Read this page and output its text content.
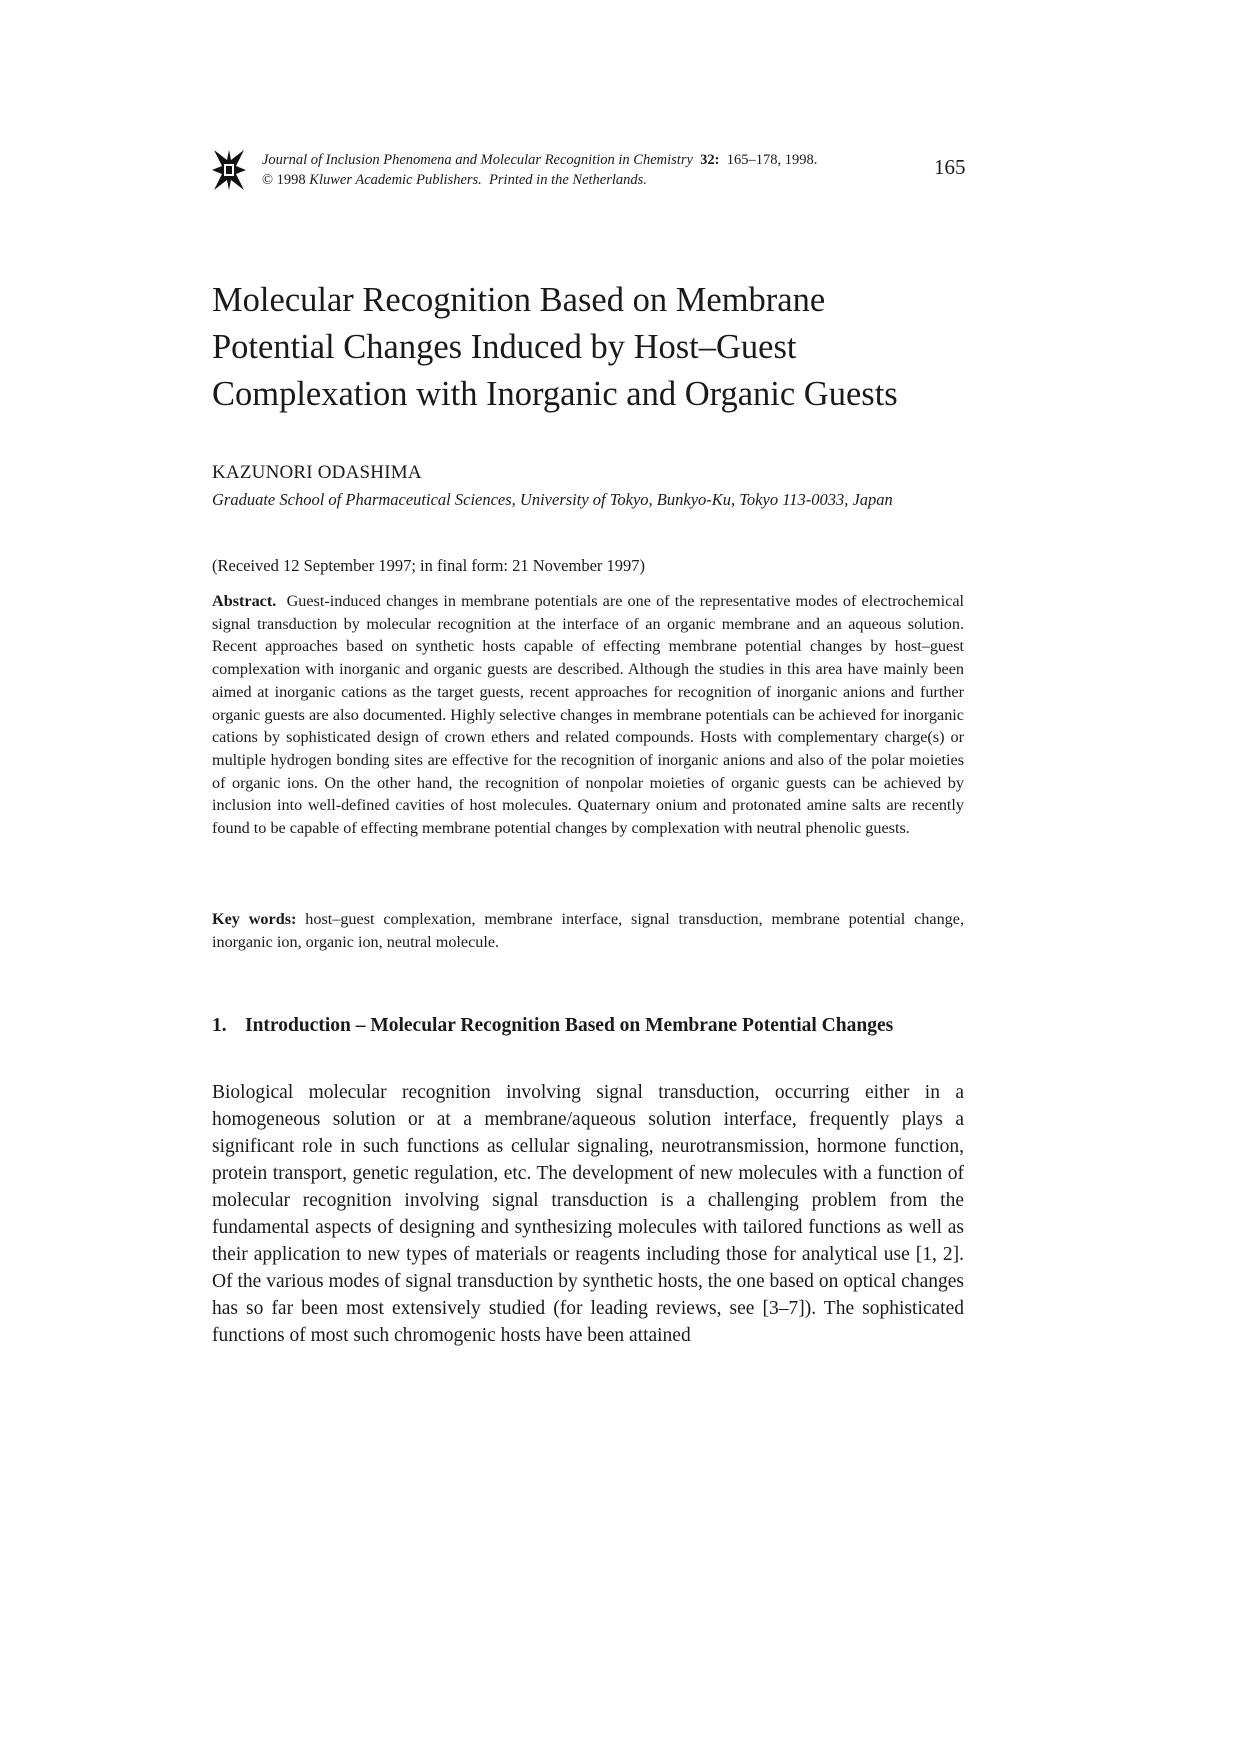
Journal of Inclusion Phenomena and Molecular Recognition in Chemistry 32: 165–178, 1998.
© 1998 Kluwer Academic Publishers. Printed in the Netherlands.
165
Molecular Recognition Based on Membrane
Potential Changes Induced by Host–Guest
Complexation with Inorganic and Organic Guests
KAZUNORI ODASHIMA
Graduate School of Pharmaceutical Sciences, University of Tokyo, Bunkyo-Ku, Tokyo 113-0033, Japan
(Received 12 September 1997; in final form: 21 November 1997)

Abstract. Guest-induced changes in membrane potentials are one of the representative modes of electrochemical signal transduction by molecular recognition at the interface of an organic membrane and an aqueous solution. Recent approaches based on synthetic hosts capable of effecting membrane potential changes by host–guest complexation with inorganic and organic guests are described. Although the studies in this area have mainly been aimed at inorganic cations as the target guests, recent approaches for recognition of inorganic anions and further organic guests are also documented. Highly selective changes in membrane potentials can be achieved for inorganic cations by sophisticated design of crown ethers and related compounds. Hosts with complementary charge(s) or multiple hydrogen bonding sites are effective for the recognition of inorganic anions and also of the polar moieties of organic ions. On the other hand, the recognition of nonpolar moieties of organic guests can be achieved by inclusion into well-defined cavities of host molecules. Quaternary onium and protonated amine salts are recently found to be capable of effecting membrane potential changes by complexation with neutral phenolic guests.

Key words: host–guest complexation, membrane interface, signal transduction, membrane potential change, inorganic ion, organic ion, neutral molecule.

1. Introduction – Molecular Recognition Based on Membrane Potential Changes

Biological molecular recognition involving signal transduction, occurring either in a homogeneous solution or at a membrane/aqueous solution interface, frequently plays a significant role in such functions as cellular signaling, neurotransmission, hormone function, protein transport, genetic regulation, etc. The development of new molecules with a function of molecular recognition involving signal transduction is a challenging problem from the fundamental aspects of designing and synthesizing molecules with tailored functions as well as their application to new types of materials or reagents including those for analytical use [1, 2]. Of the various modes of signal transduction by synthetic hosts, the one based on optical changes has so far been most extensively studied (for leading reviews, see [3–7]). The sophisticated functions of most such chromogenic hosts have been attained
